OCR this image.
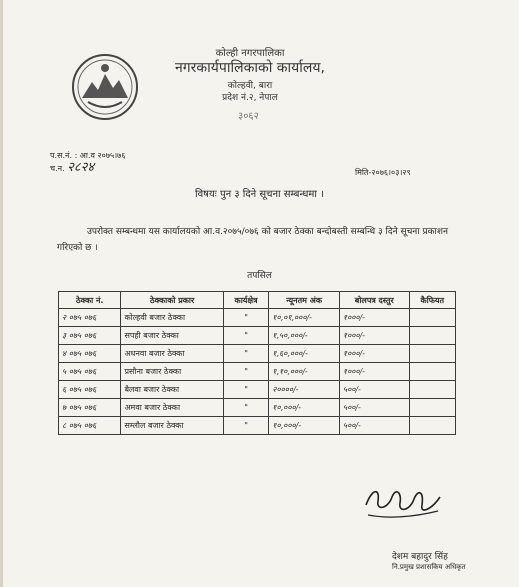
कोल्ही नगरपालिका
नगरकार्यपालिकाको कार्यालय,
कोल्हवी, बारा
प्रदेश नं.२, नेपाल
३०६२
प.स.नं. : आ.व २०७५।७६
च.न. २८२४	मिति-२०७६।०३।२९
विषयः पुन ३ दिने सूचना सम्बन्धमा ।
उपरोक्त सम्बन्धमा यस कार्यालयको आ.व.२०७५/०७६ को बजार ठेक्का बन्दोबस्ती सम्बन्धि ३ दिने सूचना प्रकाशन गरिएको छ ।
तपसिल
ठेक्का नं.	ठेक्काको प्रकार	कार्यक्षेत्र	न्यूनतम अंक	बोलपत्र दस्तुर	कैफियत
२ ०७५ ०७६	कोल्हवी बजार ठेक्का	"	१०,०१,०००/-	१०००/-	
३ ०७५ ०७६	सपही बजार ठेक्का	"	१,५०,०००/-	१०००/-	
४ ०७५ ०७६	अधनवा बजार ठेक्का	"	१,६०,०००/-	१०००/-	
५ ०७५ ०७६	प्रसौना बजार ठेक्का	"	१,१०,०००/-	१०००/-	
६ ०७५ ०७६	बैलवा बजार ठेक्का	"	२००००/-	५००/-	
७ ०७५ ०७६	अमवा बजार ठेक्का	"	१०,०००/-	५००/-	
८ ०७५ ०७६	सम्लौल बजार ठेक्का	"	१०,०००/-	५००/-	
देशम बहादुर सिंह
नि.प्रमुख प्रशासकिय अधिकृत
